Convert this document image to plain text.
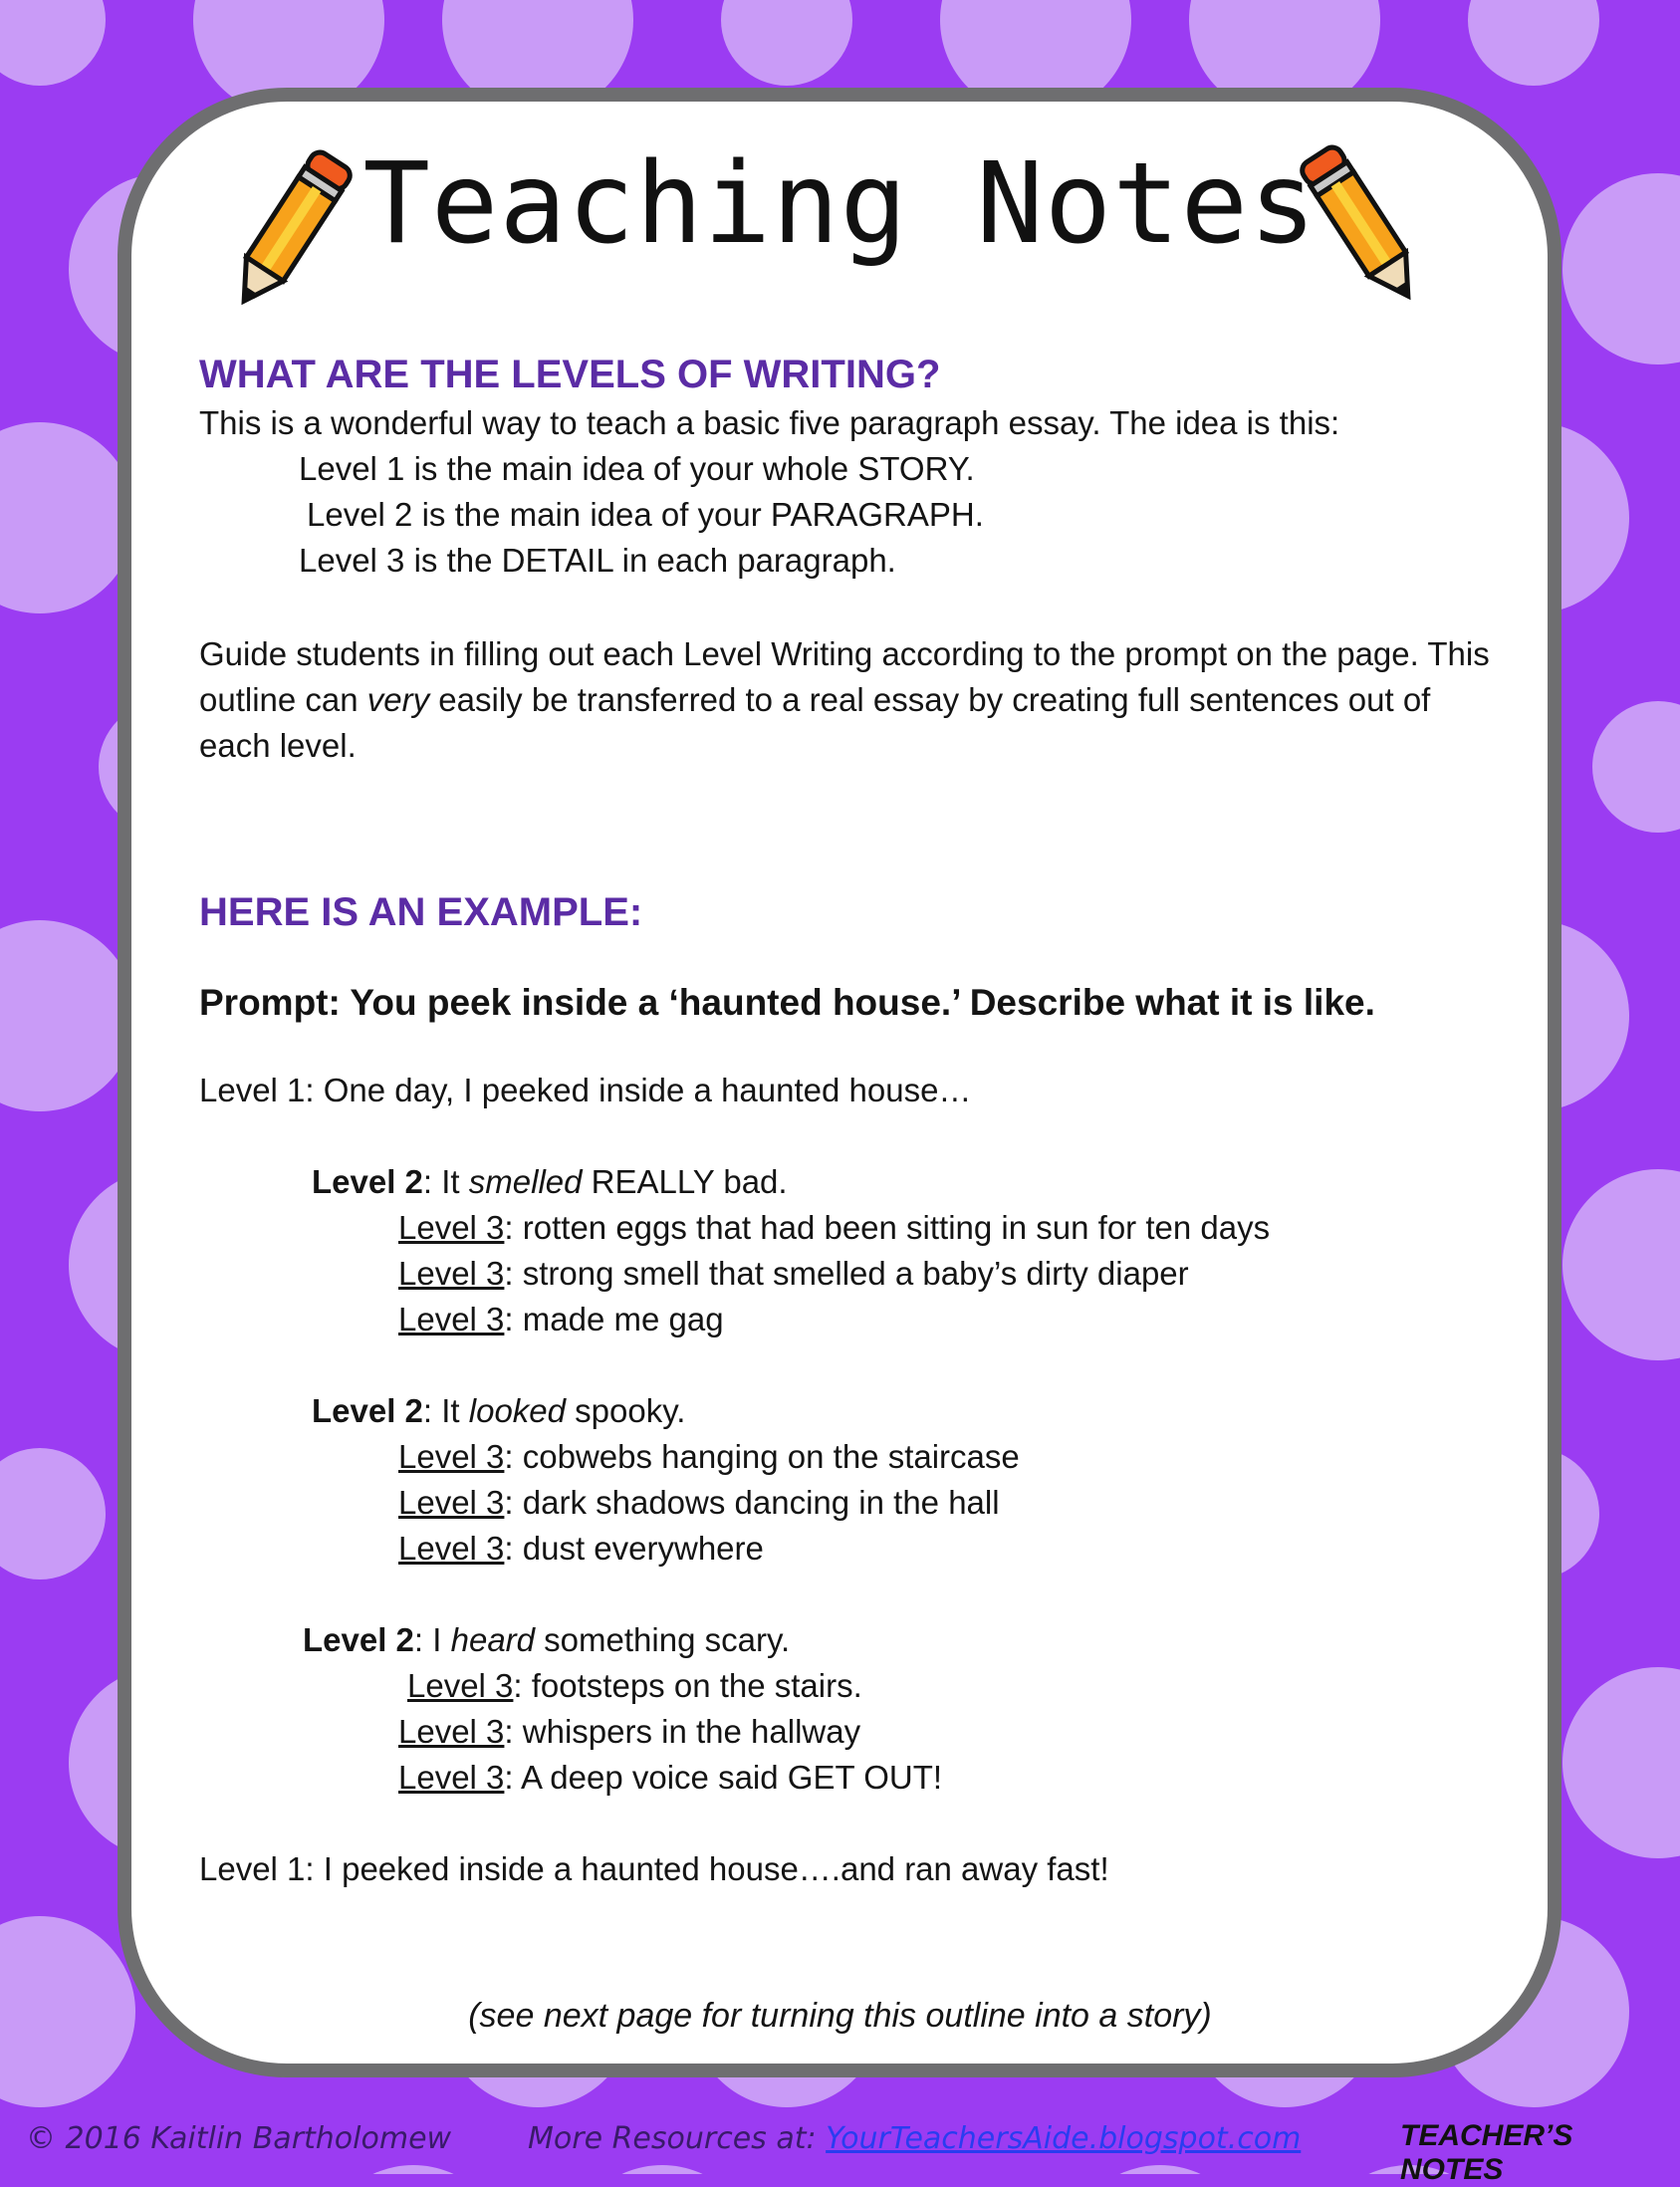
Teaching Notes
WHAT ARE THE LEVELS OF WRITING?

This is a wonderful way to teach a basic five paragraph essay. The idea is this:

Level 1 is the main idea of your whole STORY.

Level 2 is the main idea of your PARAGRAPH.

Level 3 is the DETAIL in each paragraph.

Guide students in filling out each Level Writing according to the prompt on the page. This outline can very easily be transferred to a real essay by creating full sentences out of each level.

HERE IS AN EXAMPLE:

Prompt: You peek inside a ‘haunted house.’ Describe what it is like.

Level 1: One day, I peeked inside a haunted house…

Level 2: It smelled REALLY bad.

Level 3: rotten eggs that had been sitting in sun for ten days

Level 3: strong smell that smelled a baby’s dirty diaper

Level 3: made me gag

Level 2: It looked spooky.

Level 3: cobwebs hanging on the staircase

Level 3: dark shadows dancing in the hall

Level 3: dust everywhere

Level 2: I heard something scary.

Level 3: footsteps on the stairs.

Level 3: whispers in the hallway

Level 3: A deep voice said GET OUT!

Level 1: I peeked inside a haunted house….and ran away fast!

(see next page for turning this outline into a story)
© 2016 Kaitlin Bartholomew	More Resources at: YourTeachersAide.blogspot.com	TEACHER’S NOTES
